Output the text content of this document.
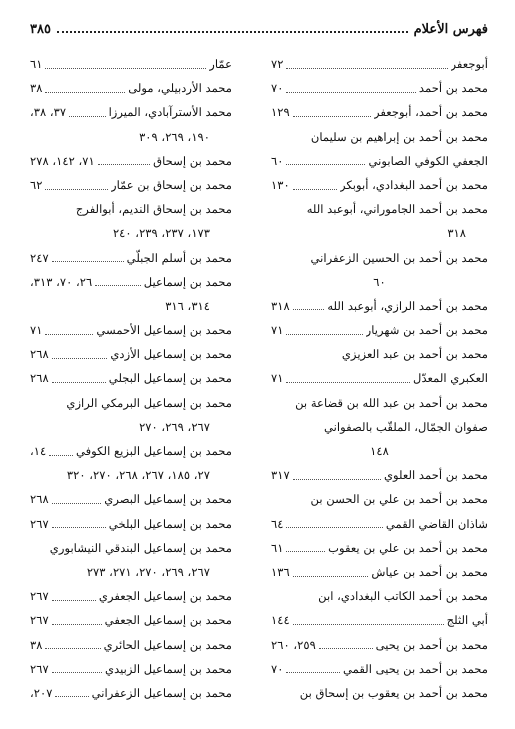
فهرس الأعلام
٣٨٥
أبوجعفر
٧٢
محمد بن أحمد
٧٠
محمد بن أحمد، أبوجعفر
١٢٩
محمد بن أحمد بن إبراهيم بن سليمان
الجعفي الكوفي الصابوني
٦٠
محمد بن أحمد البغدادي، أبوبكر
١٣٠
محمد بن أحمد الجاموراني، أبوعبد الله
٣١٨
محمد بن أحمد بن الحسين الزعفراني
٦٠
محمد بن أحمد الرازي، أبوعبد الله
٣١٨
محمد بن أحمد بن شهريار
٧١
محمد بن أحمد بن عبد العزيزي
العكبري المعدّل
٧١
محمد بن أحمد بن عبد الله بن قضاعة بن
صفوان الجمّال، الملقّب بالصفواني
١٤٨
محمد بن أحمد العلوي
٣١٧
محمد بن أحمد بن علي بن الحسن بن
شاذان القاضي القمي
٦٤
محمد بن أحمد بن علي بن يعقوب
٦١
محمد بن أحمد بن عياش
١٣٦
محمد بن أحمد الكاتب البغدادي، ابن
أبي الثلج
١٤٤
محمد بن أحمد بن يحيى
٢٥٩، ٢٦٠
محمد بن أحمد بن يحيى القمي
٧٠
محمد بن أحمد بن يعقوب بن إسحاق بن
عمّار
٦١
محمد الأردبيلي، مولى
٣٨
محمد الأسترآبادي، الميرزا
٣٧، ٣٨،
١٩٠، ٢٦٩، ٣٠٩
محمد بن إسحاق
٧١، ١٤٢، ٢٧٨
محمد بن إسحاق بن عمّار
٦٢
محمد بن إسحاق النديم، أبوالفرج
١٧٣، ٢٣٧، ٢٣٩، ٢٤٠
محمد بن أسلم الجبلّي
٢٤٧
محمد بن إسماعيل
٢٦، ٧٠، ٣١٣،
٣١٤، ٣١٦
محمد بن إسماعيل الأحمسي
٧١
محمد بن إسماعيل الأزدي
٢٦٨
محمد بن إسماعيل البجلي
٢٦٨
محمد بن إسماعيل البرمكي الرازي
٢٦٧، ٢٦٩، ٢٧٠
محمد بن إسماعيل البزيع الكوفي
١٤،
٢٧، ١٨٥، ٢٦٧، ٢٦٨، ٢٧٠، ٣٢٠
محمد بن إسماعيل البصري
٢٦٨
محمد بن إسماعيل البلخي
٢٦٧
محمد بن إسماعيل البندقي النيشابوري
٢٦٧، ٢٦٩، ٢٧٠، ٢٧١، ٢٧٣
محمد بن إسماعيل الجعفري
٢٦٧
محمد بن إسماعيل الجعفي
٢٦٧
محمد بن إسماعيل الحائري
٣٨
محمد بن إسماعيل الزبيدي
٢٦٧
محمد بن إسماعيل الزعفراني
٢٠٧،
